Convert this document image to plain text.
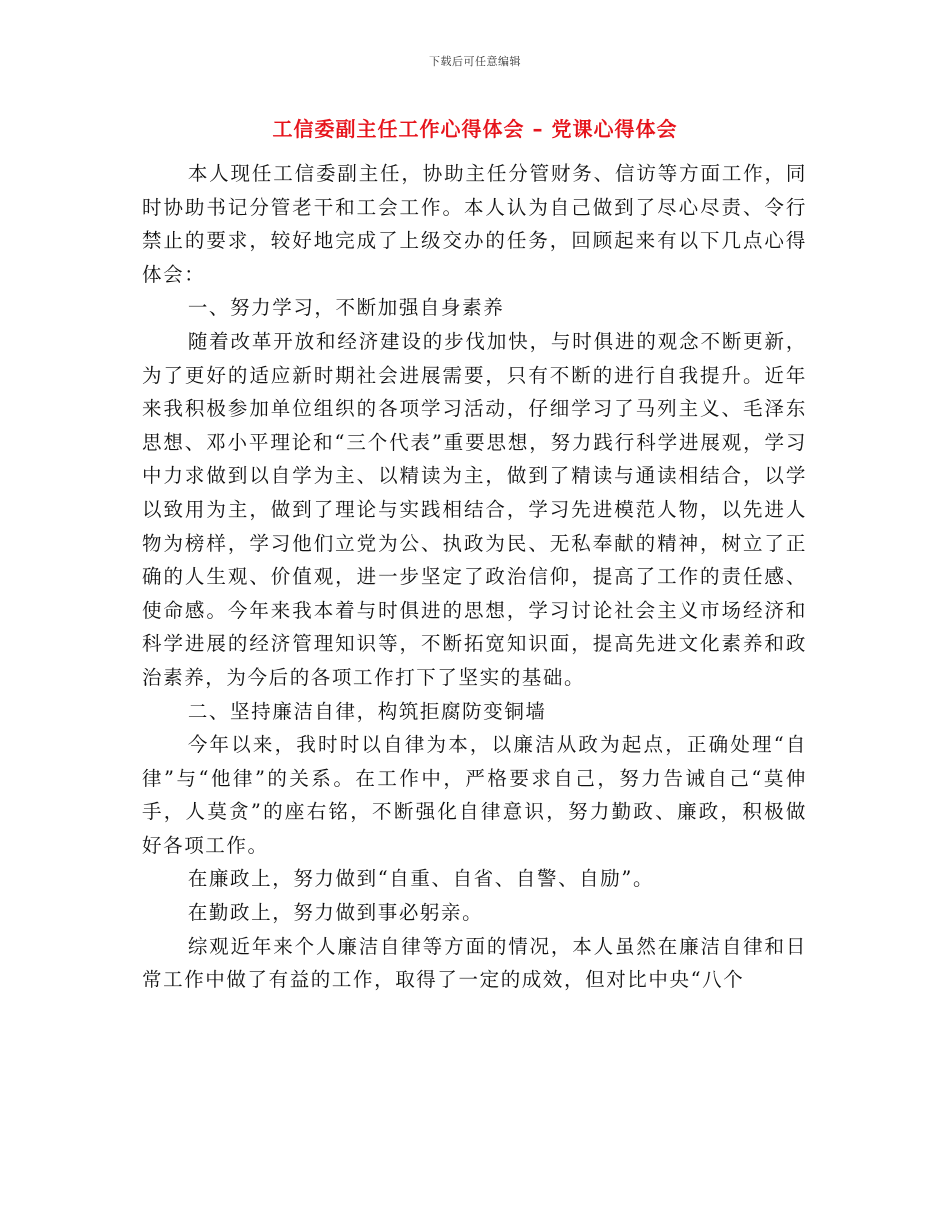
下载后可任意编辑
工信委副主任工作心得体会 – 党课心得体会

本人现任工信委副主任，协助主任分管财务、信访等方面工作，同时协助书记分管老干和工会工作。本人认为自己做到了尽心尽责、令行禁止的要求，较好地完成了上级交办的任务，回顾起来有以下几点心得体会：

一、努力学习，不断加强自身素养

随着改革开放和经济建设的步伐加快，与时俱进的观念不断更新，为了更好的适应新时期社会进展需要，只有不断的进行自我提升。近年来我积极参加单位组织的各项学习活动，仔细学习了马列主义、毛泽东思想、邓小平理论和“三个代表”重要思想，努力践行科学进展观，学习中力求做到以自学为主、以精读为主，做到了精读与通读相结合，以学以致用为主，做到了理论与实践相结合，学习先进模范人物，以先进人物为榜样，学习他们立党为公、执政为民、无私奉献的精神，树立了正确的人生观、价值观，进一步坚定了政治信仰，提高了工作的责任感、使命感。今年来我本着与时俱进的思想，学习讨论社会主义市场经济和科学进展的经济管理知识等，不断拓宽知识面，提高先进文化素养和政治素养，为今后的各项工作打下了坚实的基础。

二、坚持廉洁自律，构筑拒腐防变铜墙

今年以来，我时时以自律为本，以廉洁从政为起点，正确处理“自律”与“他律”的关系。在工作中，严格要求自己，努力告诫自己“莫伸手，人莫贪”的座右铭，不断强化自律意识，努力勤政、廉政，积极做好各项工作。

在廉政上，努力做到“自重、自省、自警、自励”。

在勤政上，努力做到事必躬亲。

综观近年来个人廉洁自律等方面的情况，本人虽然在廉洁自律和日常工作中做了有益的工作，取得了一定的成效，但对比中央“八个
